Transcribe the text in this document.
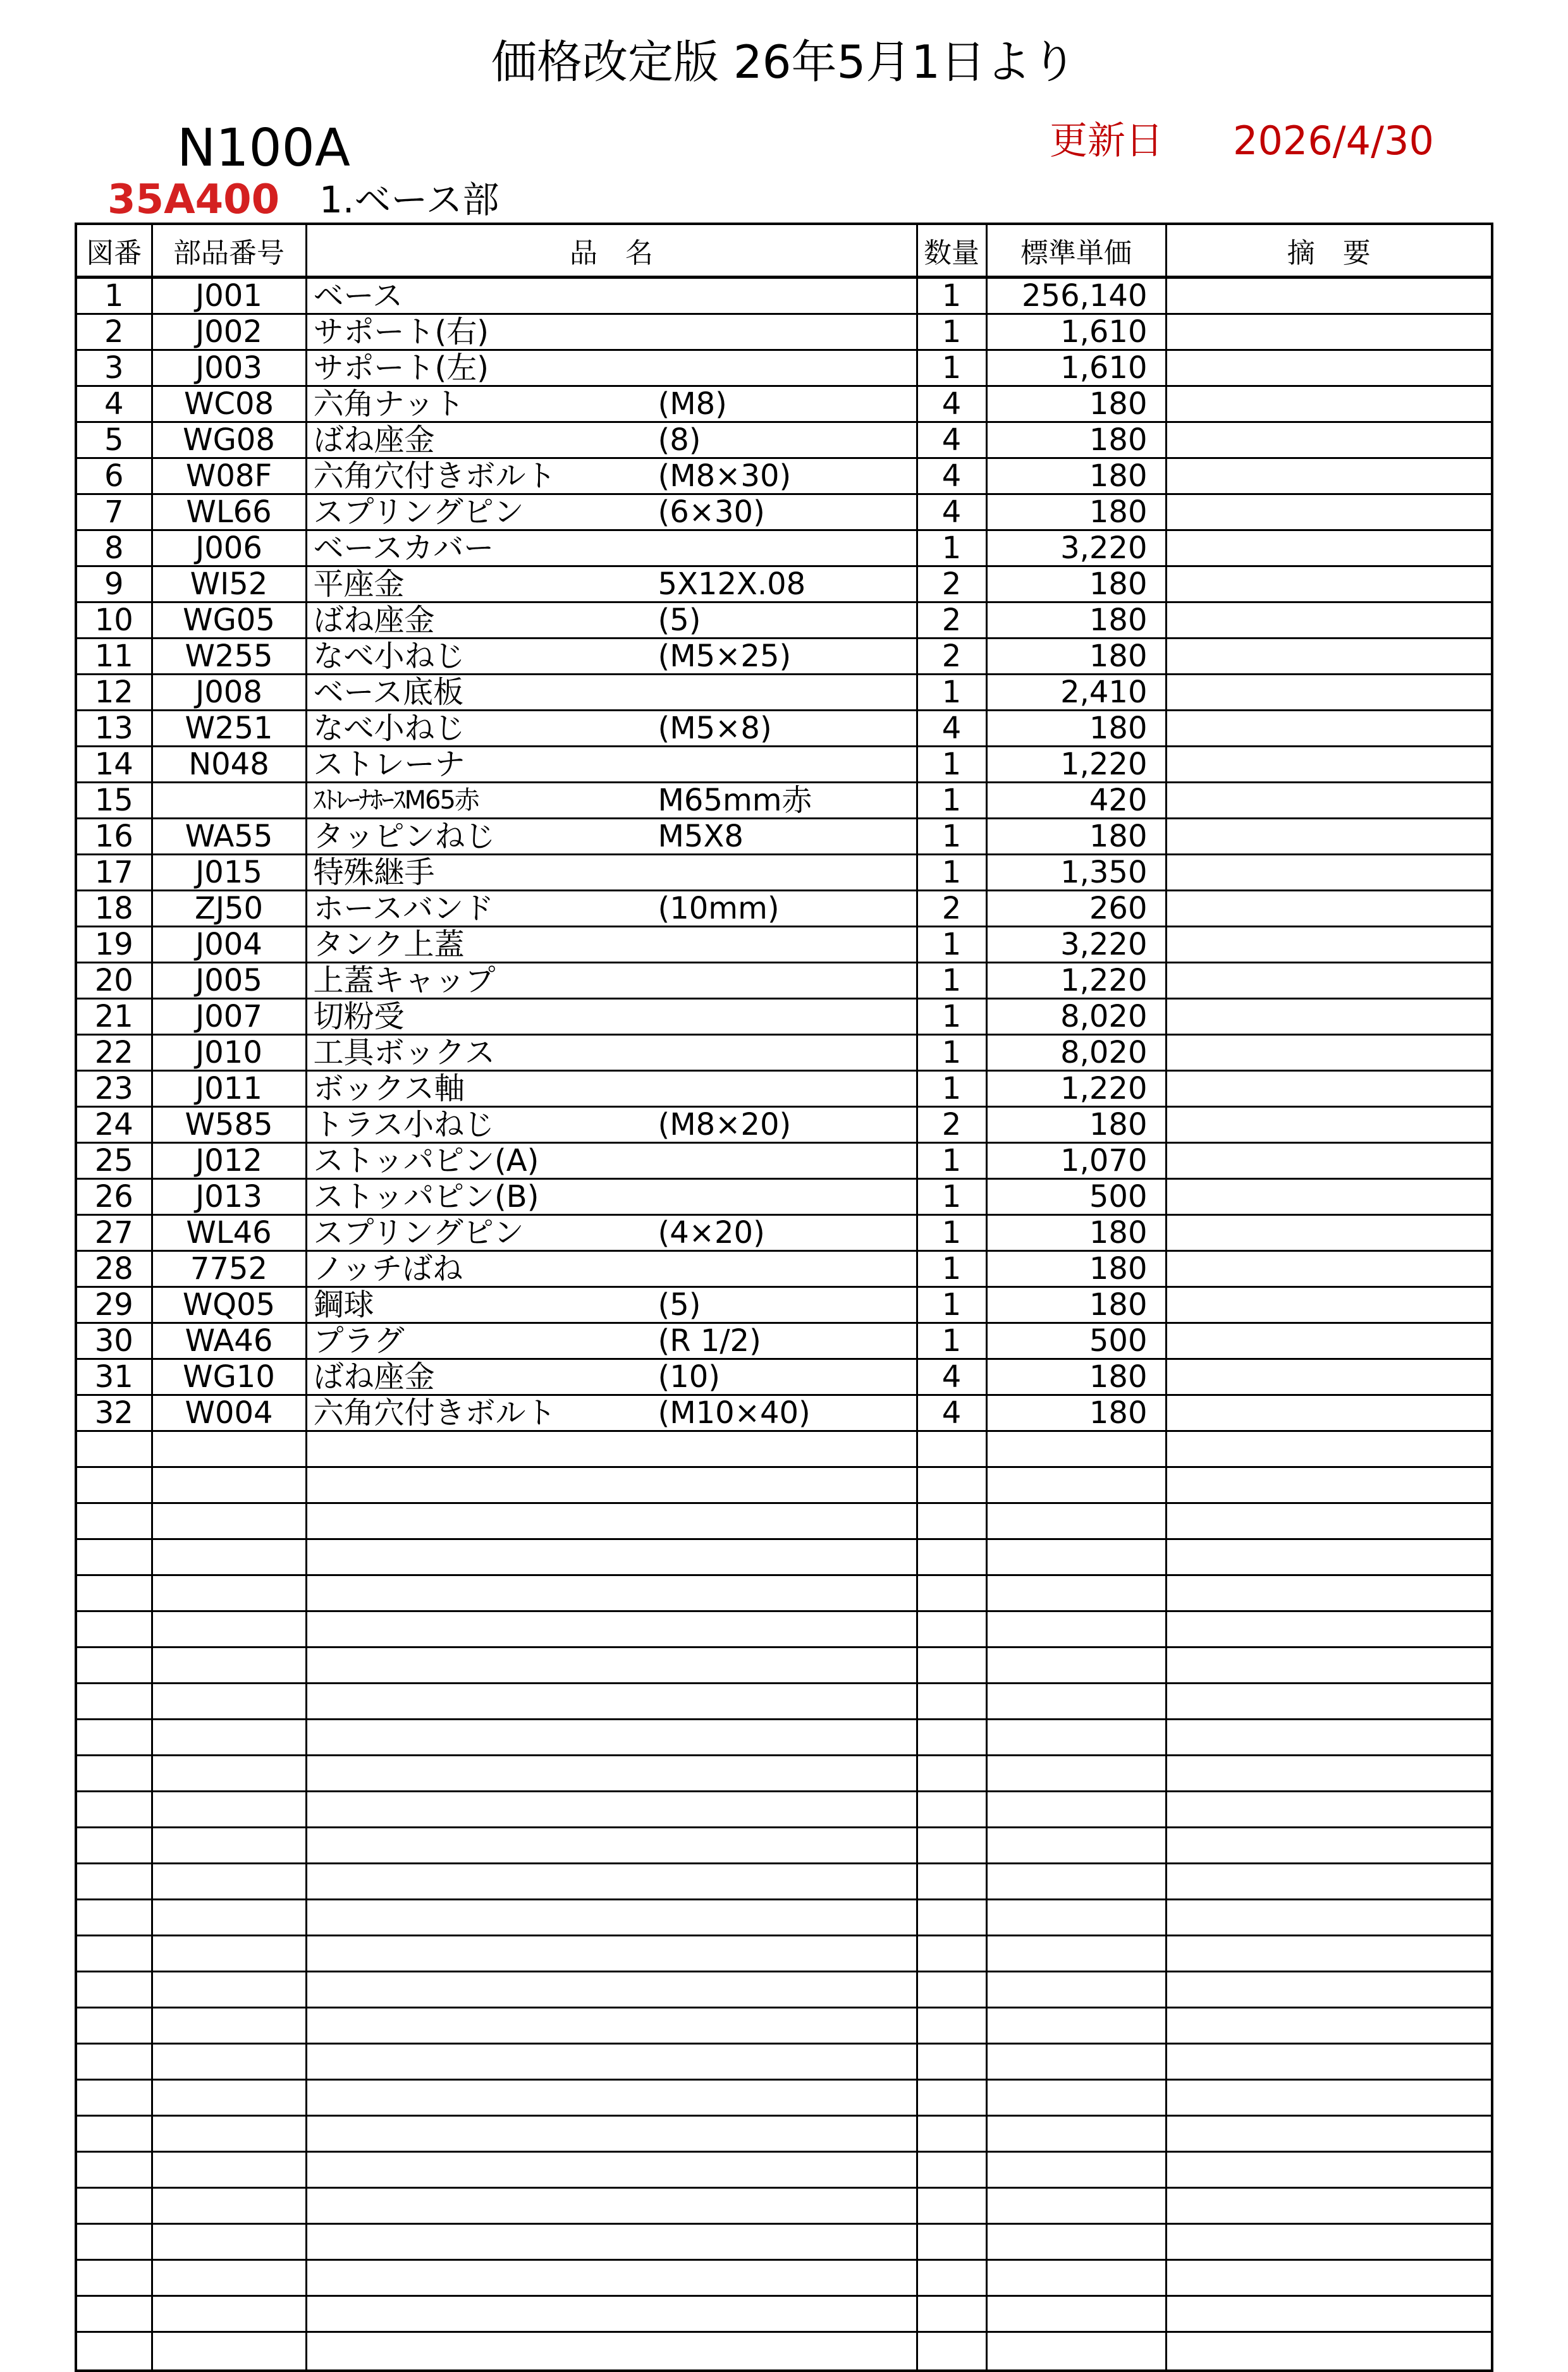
価格改定版 26年5月1日より
N100A	更新日 2026/4/30
35A400 1.ベース部
図番	部品番号	品　名	数量	標準単価	摘　要
1	J001	ベース	1	256,140	
2	J002	サポート(右)	1	1,610	
3	J003	サポート(左)	1	1,610	
4	WC08	六角ナット (M8)	4	180	
5	WG08	ばね座金 (8)	4	180	
6	W08F	六角穴付きボルト (M8×30)	4	180	
7	WL66	スプリングピン (6×30)	4	180	
8	J006	ベースカバー	1	3,220	
9	WI52	平座金 5X12X.08	2	180	
10	WG05	ばね座金 (5)	2	180	
11	W255	なべ小ねじ (M5×25)	2	180	
12	J008	ベース底板	1	2,410	
13	W251	なべ小ねじ (M5×8)	4	180	
14	N048	ストレーナ	1	1,220	
15		ｽﾄﾚｰﾅﾎｰｽM65赤 M65mm赤	1	420	
16	WA55	タッピンねじ M5X8	1	180	
17	J015	特殊継手	1	1,350	
18	ZJ50	ホースバンド (10mm)	2	260	
19	J004	タンク上蓋	1	3,220	
20	J005	上蓋キャップ	1	1,220	
21	J007	切粉受	1	8,020	
22	J010	工具ボックス	1	8,020	
23	J011	ボックス軸	1	1,220	
24	W585	トラス小ねじ (M8×20)	2	180	
25	J012	ストッパピン(A)	1	1,070	
26	J013	ストッパピン(B)	1	500	
27	WL46	スプリングピン (4×20)	1	180	
28	7752	ノッチばね	1	180	
29	WQ05	鋼球 (5)	1	180	
30	WA46	プラグ (R 1/2)	1	500	
31	WG10	ばね座金 (10)	4	180	
32	W004	六角穴付きボルト (M10×40)	4	180	
